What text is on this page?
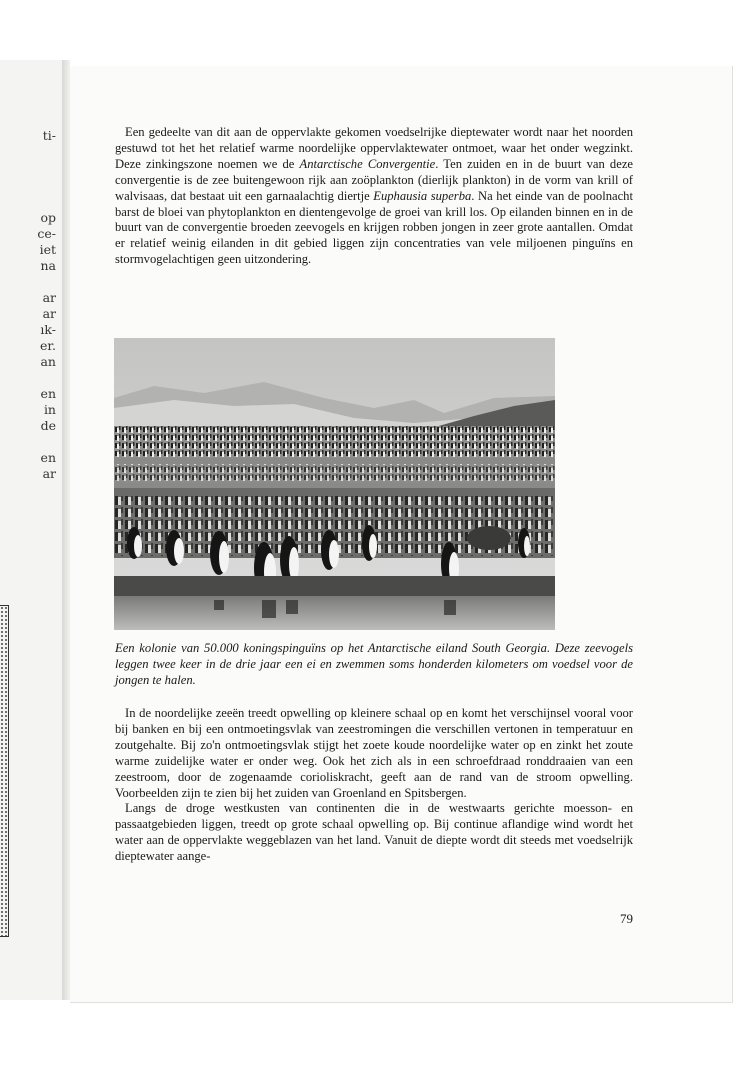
ti-
op
ce-
iet
na
ar
ar
ık-
er.
an
en
in
de
en
ar

Een gedeelte van dit aan de oppervlakte gekomen voedselrijke dieptewater wordt naar het noorden gestuwd tot het het relatief warme noordelijke oppervlaktewater ontmoet, waar het onder wegzinkt. Deze zinkingszone noemen we de Antarctische Convergentie. Ten zuiden en in de buurt van deze convergentie is de zee buitengewoon rijk aan zoöplankton (dierlijk plankton) in de vorm van krill of walvisaas, dat bestaat uit een garnaalachtig diertje Euphausia superba. Na het einde van de poolnacht barst de bloei van phytoplankton en dientengevolge de groei van krill los. Op eilanden binnen en in de buurt van de convergentie broeden zeevogels en krijgen robben jongen in zeer grote aantallen. Omdat er relatief weinig eilanden in dit gebied liggen zijn concentraties van vele miljoenen pinguïns en stormvogelachtigen geen uitzondering.

Een kolonie van 50.000 koningspinguïns op het Antarctische eiland South Georgia. Deze zeevogels leggen twee keer in de drie jaar een ei en zwemmen soms honderden kilometers om voedsel voor de jongen te halen.

In de noordelijke zeeën treedt opwelling op kleinere schaal op en komt het verschijnsel vooral voor bij banken en bij een ontmoetingsvlak van zeestromingen die verschillen vertonen in temperatuur en zoutgehalte. Bij zo'n ontmoetingsvlak stijgt het zoete koude noordelijke water op en zinkt het zoute warme zuidelijke water er onder weg. Ook het zich als in een schroefdraad ronddraaien van een zeestroom, door de zogenaamde corioliskracht, geeft aan de rand van de stroom opwelling. Voorbeelden zijn te zien bij het zuiden van Groenland en Spitsbergen.

Langs de droge westkusten van continenten die in de westwaarts gerichte moesson- en passaatgebieden liggen, treedt op grote schaal opwelling op. Bij continue aflandige wind wordt het water aan de oppervlakte weggeblazen van het land. Vanuit de diepte wordt dit steeds met voedselrijk dieptewater aange-

79
